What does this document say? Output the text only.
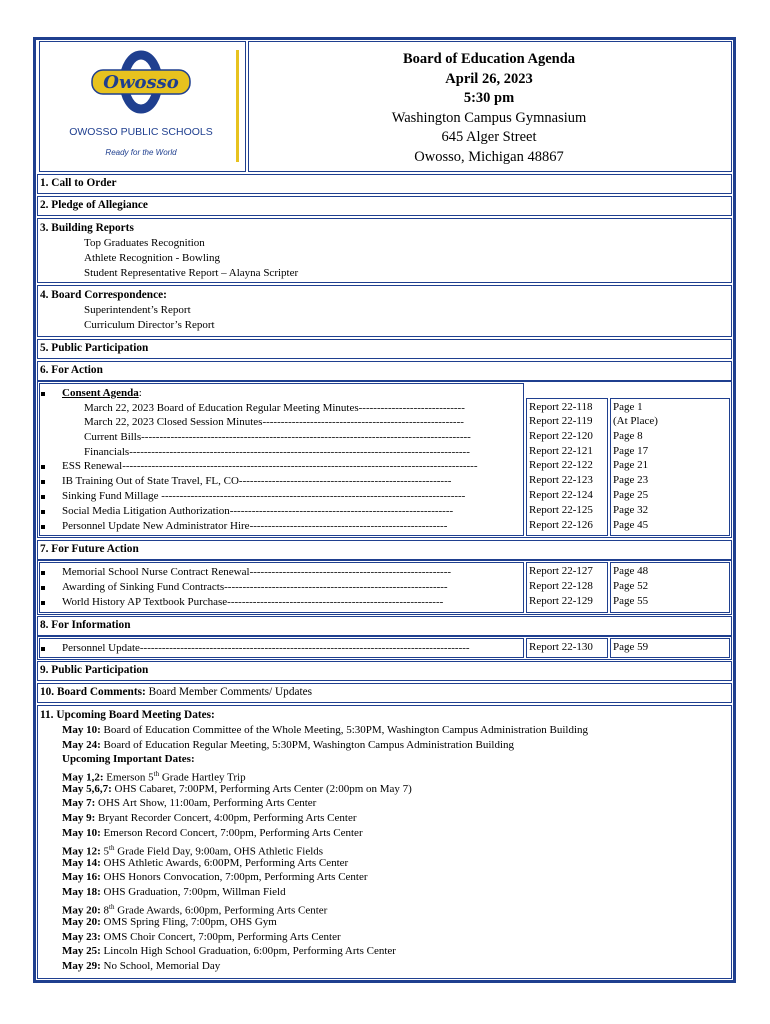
Owosso
OWOSSO PUBLIC SCHOOLS
Ready for the World
Board of Education Agenda
April 26, 2023
5:30 pm
Washington Campus Gymnasium
645 Alger Street
Owosso, Michigan 48867
1. Call to Order
2. Pledge of Allegiance
3. Building Reports
Top Graduates Recognition
Athlete Recognition - Bowling
Student Representative Report – Alayna Scripter
4. Board Correspondence:
Superintendent’s Report
Curriculum Director’s Report
5. Public Participation
6. For Action
Consent Agenda:
March 22, 2023 Board of Education Regular Meeting Minutes-----------------------------	Report 22-118 Page 1
March 22, 2023 Closed Session Minutes-------------------------------------------------------	Report 22-119 (At Place)
Current Bills------------------------------------------------------------------------------------------	Report 22-120 Page 8
Financials---------------------------------------------------------------------------------------------	Report 22-121 Page 17
ESS Renewal-------------------------------------------------------------------------------------------------	Report 22-122 Page 21
IB Training Out of State Travel, FL, CO----------------------------------------------------------	Report 22-123 Page 23
Sinking Fund Millage -----------------------------------------------------------------------------------	Report 22-124 Page 25
Social Media Litigation Authorization-------------------------------------------------------------	Report 22-125 Page 32
Personnel Update New Administrator Hire------------------------------------------------------	Report 22-126 Page 45
7. For Future Action
Memorial School Nurse Contract Renewal-------------------------------------------------------	Report 22-127 Page 48
Awarding of Sinking Fund Contracts-------------------------------------------------------------	Report 22-128 Page 52
World History AP Textbook Purchase-----------------------------------------------------------	Report 22-129 Page 55
8. For Information
Personnel Update------------------------------------------------------------------------------------------	Report 22-130 Page 59
9. Public Participation
10. Board Comments: Board Member Comments/ Updates
11. Upcoming Board Meeting Dates:
May 10: Board of Education Committee of the Whole Meeting, 5:30PM, Washington Campus Administration Building
May 24: Board of Education Regular Meeting, 5:30PM, Washington Campus Administration Building
Upcoming Important Dates:
May 1,2: Emerson 5th Grade Hartley Trip
May 5,6,7: OHS Cabaret, 7:00PM, Performing Arts Center (2:00pm on May 7)
May 7: OHS Art Show, 11:00am, Performing Arts Center
May 9: Bryant Recorder Concert, 4:00pm, Performing Arts Center
May 10: Emerson Record Concert, 7:00pm, Performing Arts Center
May 12: 5th Grade Field Day, 9:00am, OHS Athletic Fields
May 14: OHS Athletic Awards, 6:00PM, Performing Arts Center
May 16: OHS Honors Convocation, 7:00pm, Performing Arts Center
May 18: OHS Graduation, 7:00pm, Willman Field
May 20: 8th Grade Awards, 6:00pm, Performing Arts Center
May 20: OMS Spring Fling, 7:00pm, OHS Gym
May 23: OMS Choir Concert, 7:00pm, Performing Arts Center
May 25: Lincoln High School Graduation, 6:00pm, Performing Arts Center
May 29: No School, Memorial Day
